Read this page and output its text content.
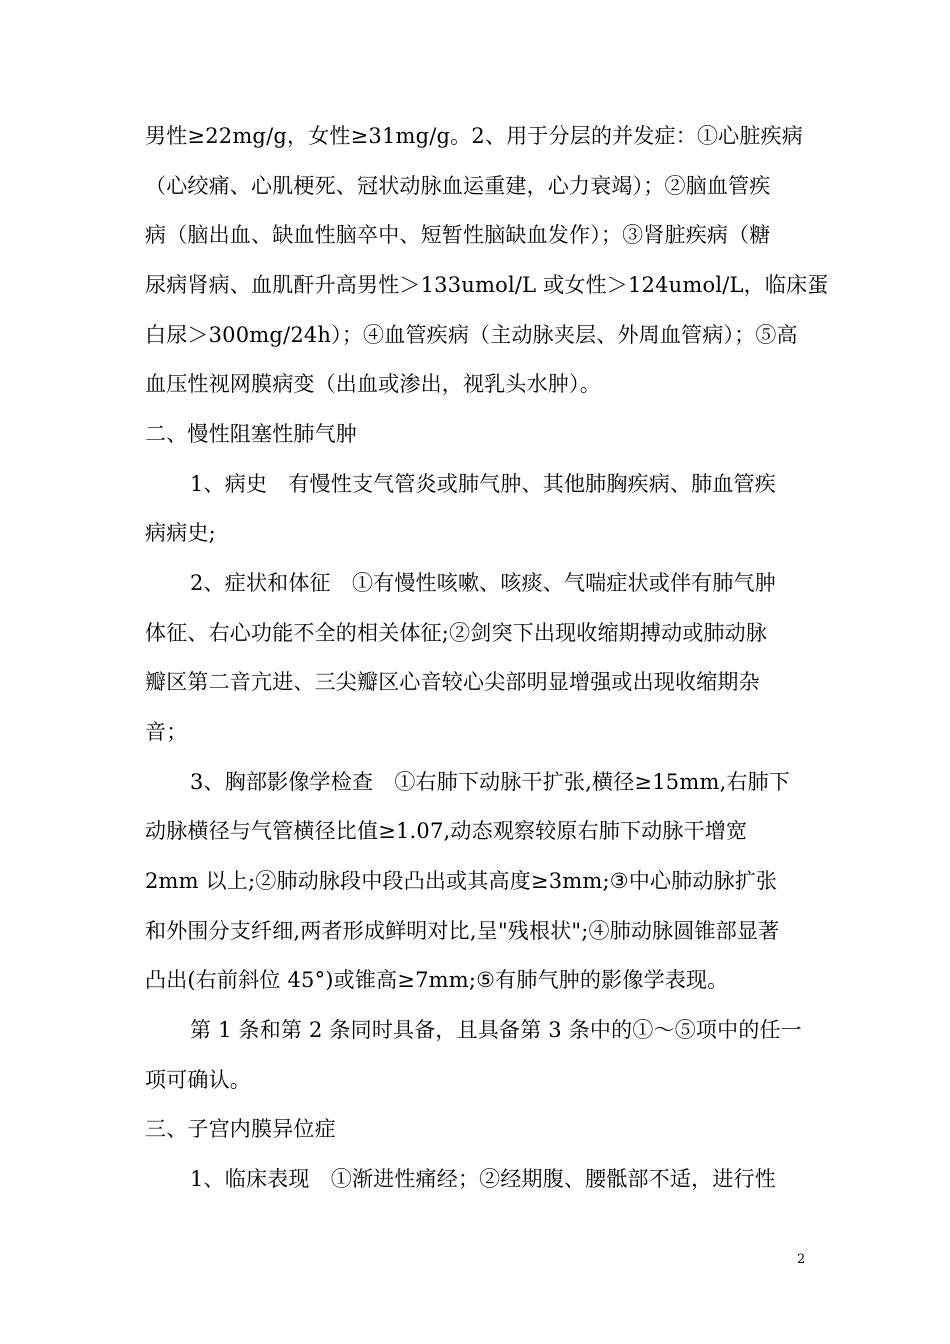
男性≥22mg/g，女性≥31mg/g。2、用于分层的并发症：①心脏疾病
（心绞痛、心肌梗死、冠状动脉血运重建，心力衰竭）；②脑血管疾
病（脑出血、缺血性脑卒中、短暂性脑缺血发作）；③肾脏疾病（糖
尿病肾病、血肌酐升高男性＞133umol/L 或女性＞124umol/L，临床蛋
白尿＞300mg/24h）；④血管疾病（主动脉夹层、外周血管病）；⑤高
血压性视网膜病变（出血或渗出，视乳头水肿）。
二、慢性阻塞性肺气肿
1、病史　有慢性支气管炎或肺气肿、其他肺胸疾病、肺血管疾
病病史;
2、症状和体征　①有慢性咳嗽、咳痰、气喘症状或伴有肺气肿
体征、右心功能不全的相关体征;②剑突下出现收缩期搏动或肺动脉
瓣区第二音亢进、三尖瓣区心音较心尖部明显增强或出现收缩期杂
音；
3、胸部影像学检查　①右肺下动脉干扩张,横径≥15mm,右肺下
动脉横径与气管横径比值≥1.07,动态观察较原右肺下动脉干增宽
2mm 以上;②肺动脉段中段凸出或其高度≥3mm;③中心肺动脉扩张
和外围分支纤细,两者形成鲜明对比,呈"残根状";④肺动脉圆锥部显著
凸出(右前斜位 45°)或锥高≥7mm;⑤有肺气肿的影像学表现。
第 1 条和第 2 条同时具备，且具备第 3 条中的①～⑤项中的任一
项可确认。
三、子宫内膜异位症
1、临床表现　①渐进性痛经；②经期腹、腰骶部不适，进行性
2
